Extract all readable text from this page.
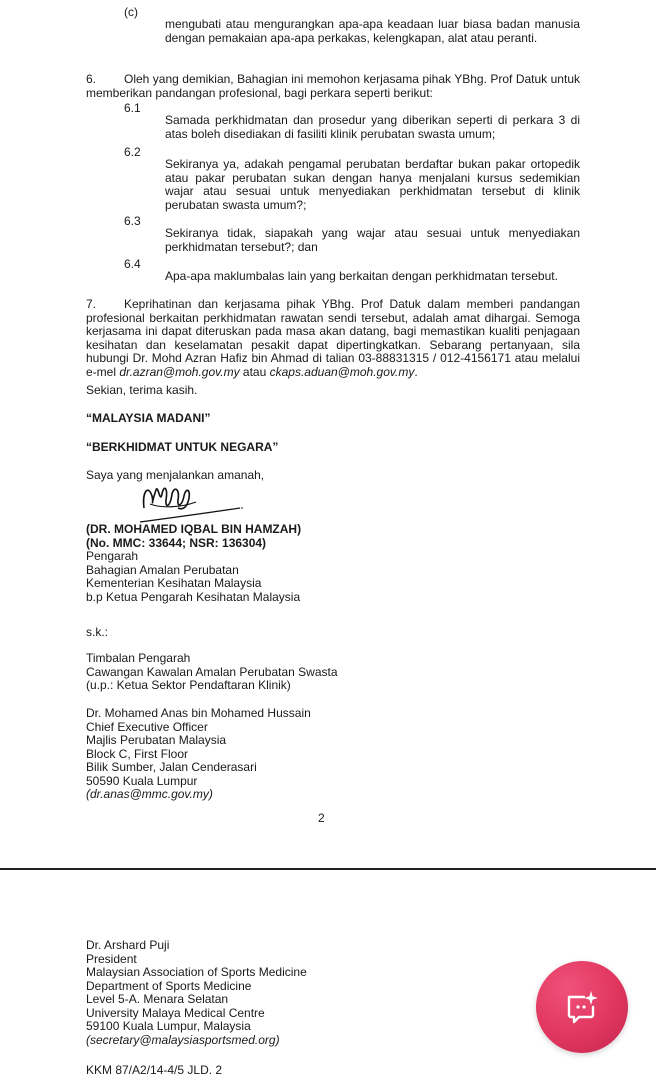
(c)

mengubati atau mengurangkan apa-apa keadaan luar biasa badan manusia dengan pemakaian apa-apa perkakas, kelengkapan, alat atau peranti.

6. Oleh yang demikian, Bahagian ini memohon kerjasama pihak YBhg. Prof Datuk untuk memberikan pandangan profesional, bagi perkara seperti berikut:

6.1

Samada perkhidmatan dan prosedur yang diberikan seperti di perkara 3 di atas boleh disediakan di fasiliti klinik perubatan swasta umum;

6.2

Sekiranya ya, adakah pengamal perubatan berdaftar bukan pakar ortopedik atau pakar perubatan sukan dengan hanya menjalani kursus sedemikian wajar atau sesuai untuk menyediakan perkhidmatan tersebut di klinik perubatan swasta umum?;

6.3

Sekiranya tidak, siapakah yang wajar atau sesuai untuk menyediakan perkhidmatan tersebut?; dan

6.4

Apa-apa maklumbalas lain yang berkaitan dengan perkhidmatan tersebut.

7. Keprihatinan dan kerjasama pihak YBhg. Prof Datuk dalam memberi pandangan profesional berkaitan perkhidmatan rawatan sendi tersebut, adalah amat dihargai. Semoga kerjasama ini dapat diteruskan pada masa akan datang, bagi memastikan kualiti penjagaan kesihatan dan keselamatan pesakit dapat dipertingkatkan. Sebarang pertanyaan, sila hubungi Dr. Mohd Azran Hafiz bin Ahmad di talian 03-88831315 / 012-4156171 atau melalui e-mel dr.azran@moh.gov.my atau ckaps.aduan@moh.gov.my.

Sekian, terima kasih.
“MALAYSIA MADANI”
“BERKHIDMAT UNTUK NEGARA”
Saya yang menjalankan amanah,
(DR. MOHAMED IQBAL BIN HAMZAH)
(No. MMC: 33644; NSR: 136304)
Pengarah
Bahagian Amalan Perubatan
Kementerian Kesihatan Malaysia
b.p Ketua Pengarah Kesihatan Malaysia
s.k.:
Timbalan Pengarah
Cawangan Kawalan Amalan Perubatan Swasta
(u.p.: Ketua Sektor Pendaftaran Klinik)
Dr. Mohamed Anas bin Mohamed Hussain
Chief Executive Officer
Majlis Perubatan Malaysia
Block C, First Floor
Bilik Sumber, Jalan Cenderasari
50590 Kuala Lumpur
(dr.anas@mmc.gov.my)
2
Dr. Arshard Puji
President
Malaysian Association of Sports Medicine
Department of Sports Medicine
Level 5-A. Menara Selatan
University Malaya Medical Centre
59100 Kuala Lumpur, Malaysia
(secretary@malaysiasportsmed.org)
KKM 87/A2/14-4/5 JLD. 2
